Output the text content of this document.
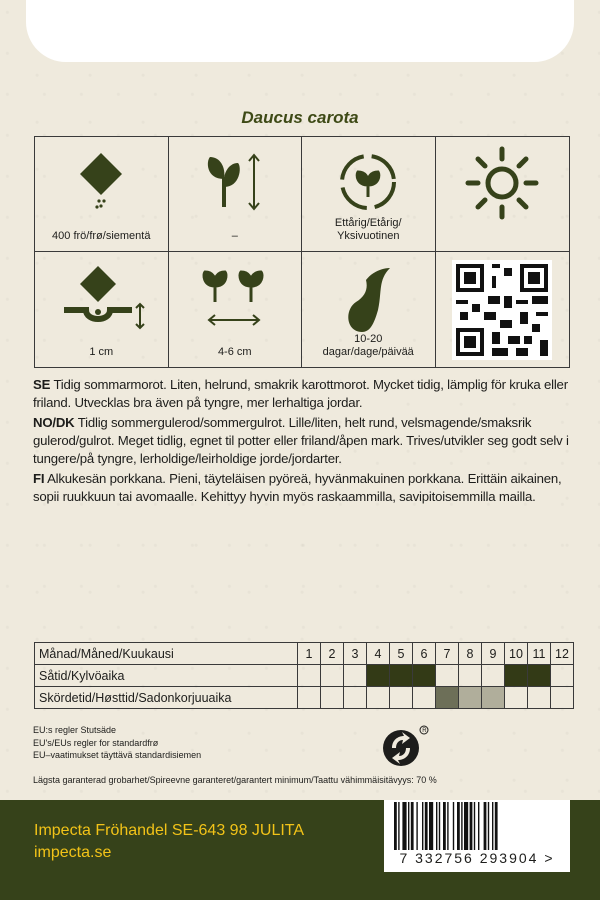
Daucus carota
400 frö/frø/siementä	–
Ettårig/Etårig/
Yksivuotinen
1 cm	4-6 cm
10-20
dagar/dage/päivää

SE Tidig sommarmorot. Liten, helrund, smakrik karottmorot. Mycket tidig, lämplig för kruka eller friland. Utvecklas bra även på tyngre, mer lerhaltiga jordar.

NO/DK Tidlig sommergulerod/sommergulrot. Lille/liten, helt rund, velsmagende/smaksrik gulerod/gulrot. Meget tidlig, egnet til potter eller friland/åpen mark. Trives/utvikler seg godt selv i tungere/på tyngre, lerholdige/leirholdige jorde/jordarter.

FI Alkukesän porkkana. Pieni, täyteläisen pyöreä, hyvänmakuinen porkkana. Erittäin aikainen, sopii ruukkuun tai avomaalle. Kehittyy hyvin myös raskaammilla, savipitoisemmilla mailla.

Månad/Måned/Kuukausi	1	2	3	4	5	6	7	8	9	10	11	12
Såtid/Kylvöaika												
Skördetid/Høsttid/Sadonkorjuuaika												
EU:s regler Stutsäde
EU's/EUs regler for standardfrø
EU–vaatimukset täyttävä standardisiemen
R
Lägsta garanterad grobarhet/Spireevne garanteret/garantert minimum/Taattu vähimmäisitävyys: 70 %
Impecta Fröhandel SE-643 98 JULITA
impecta.se	7 332756 293904 >
